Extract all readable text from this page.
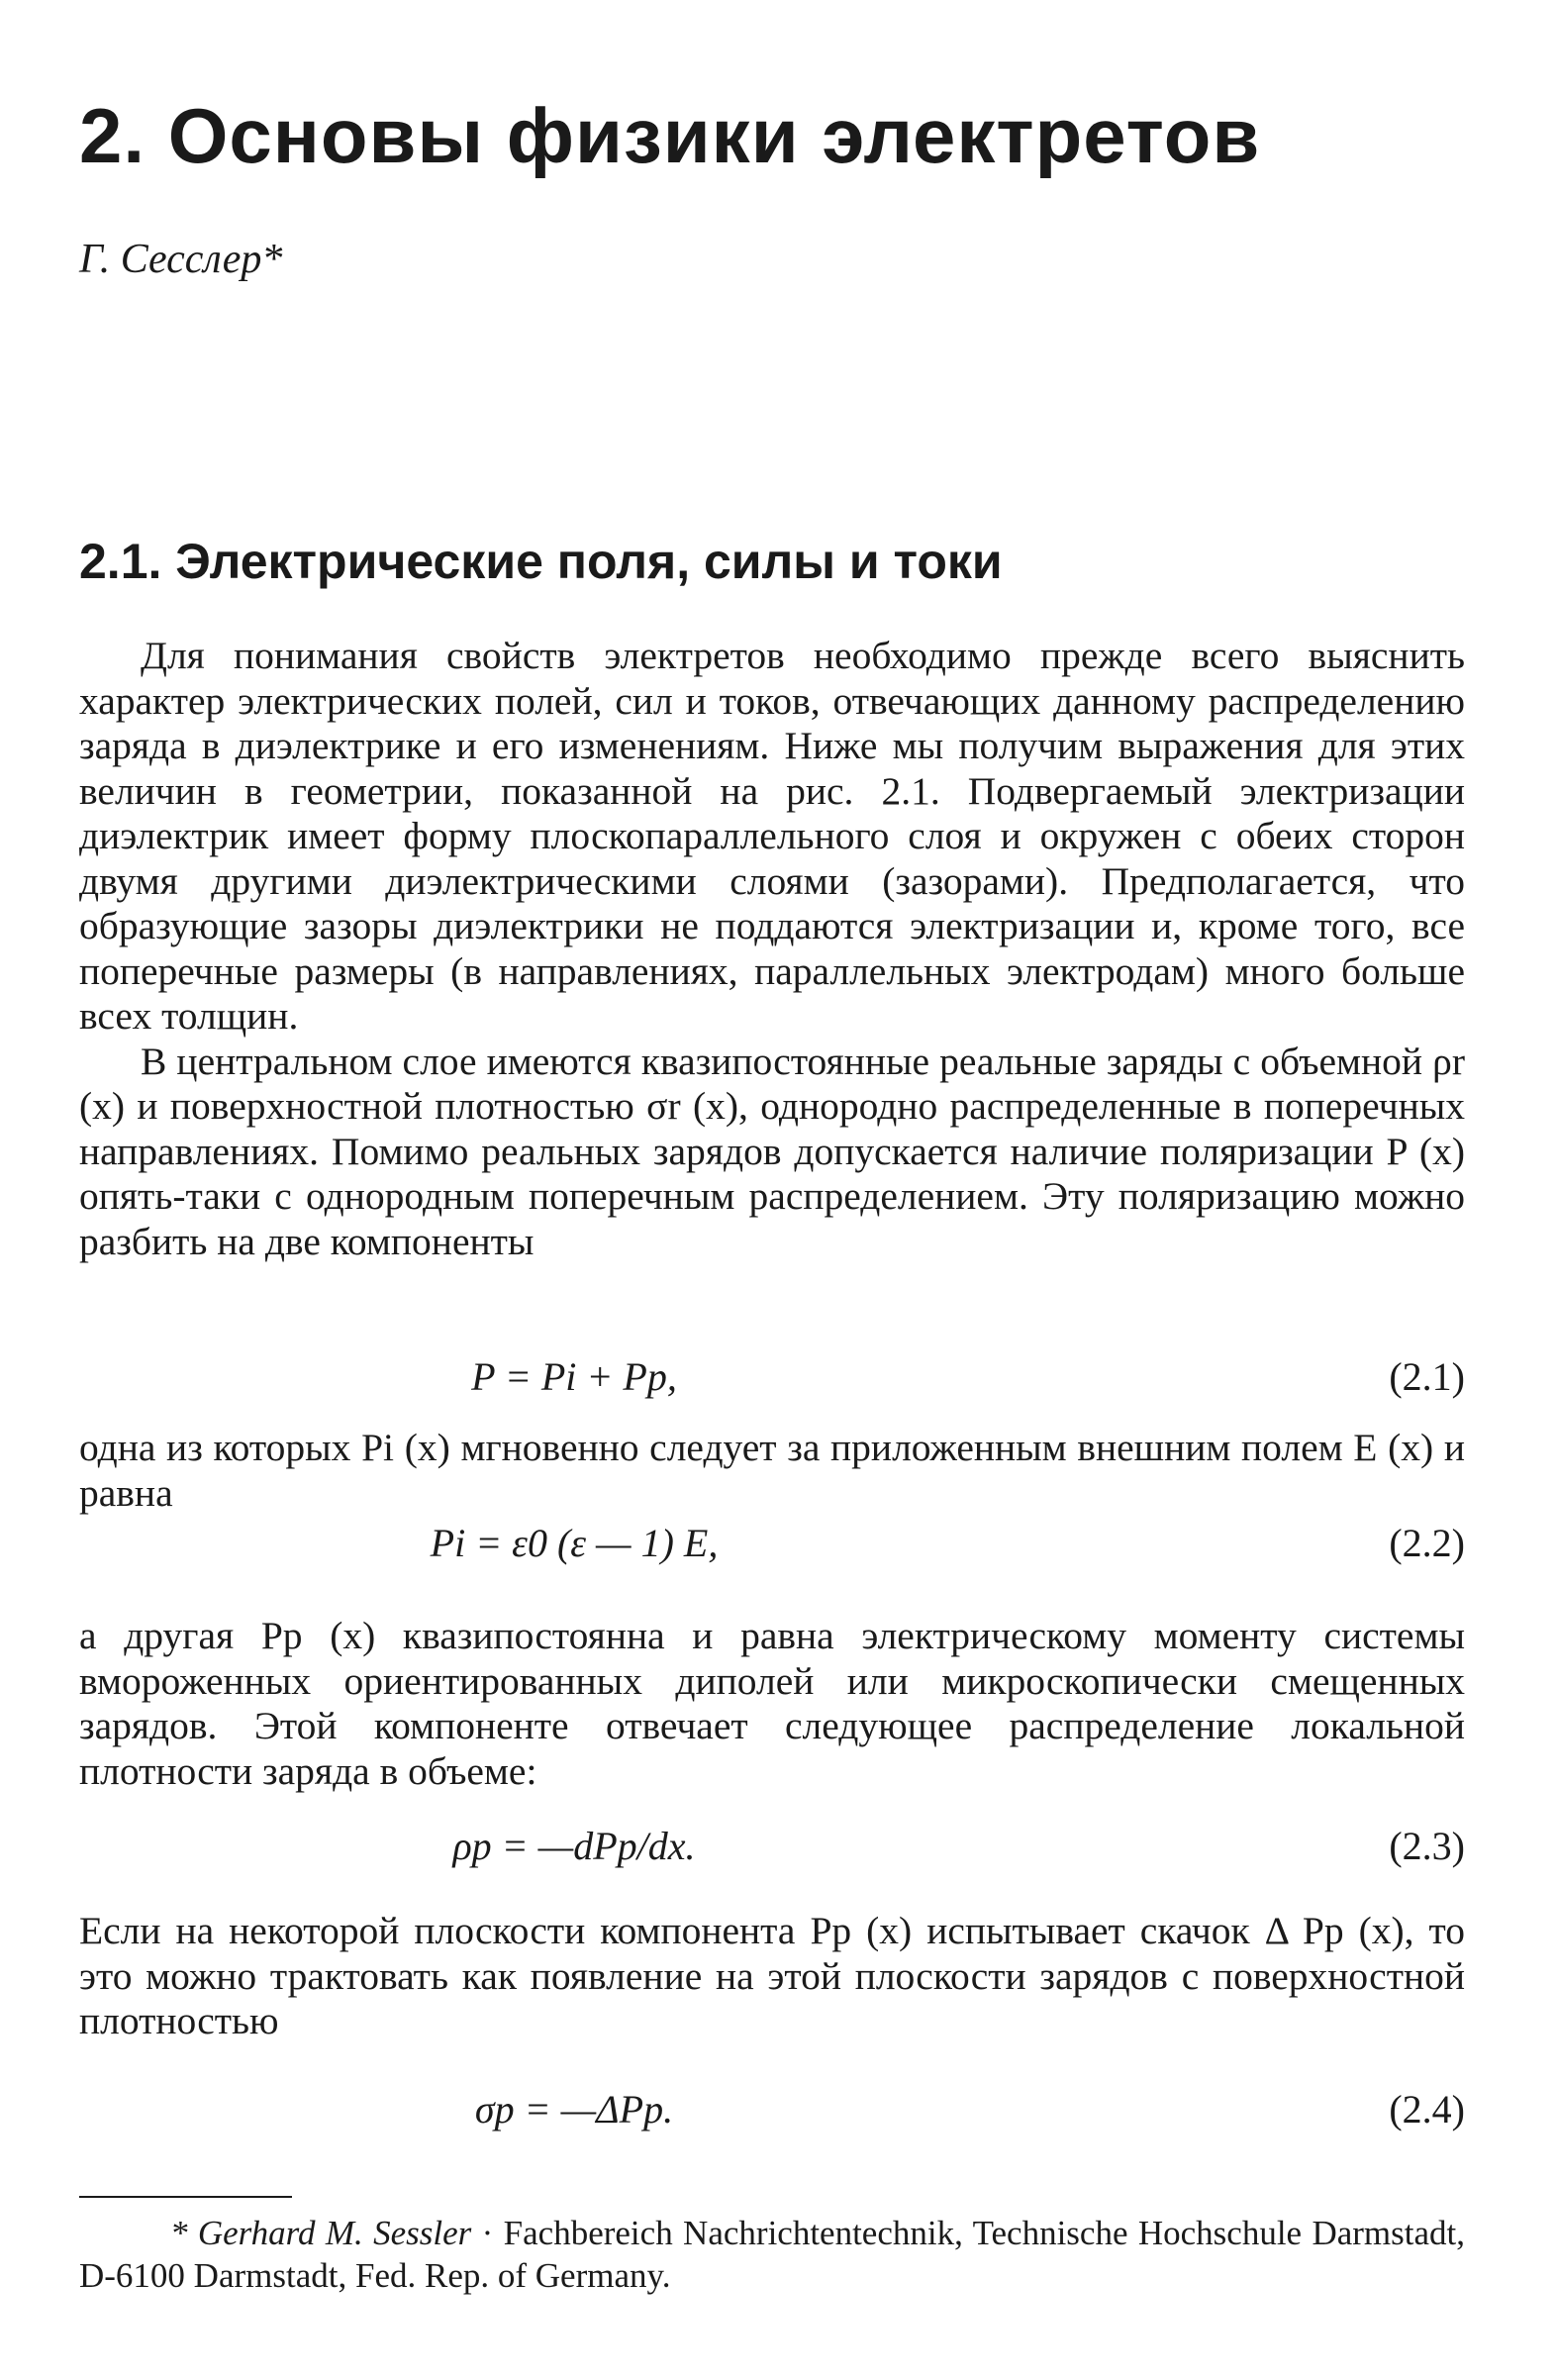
2. Основы физики электретов
Г. Сесслер*
2.1. Электрические поля, силы и токи

Для понимания свойств электретов необходимо прежде всего выяснить характер электрических полей, сил и токов, отвечающих данному распределению заряда в диэлектрике и его изменениям. Ниже мы получим выражения для этих величин в геометрии, показанной на рис. 2.1. Подвергаемый электризации диэлектрик имеет форму плоскопараллельного слоя и окружен с обеих сторон двумя другими диэлектрическими слоями (зазорами). Предполагается, что образующие зазоры диэлектрики не поддаются электризации и, кроме того, все поперечные размеры (в направлениях, параллельных электродам) много больше всех толщин.

В центральном слое имеются квазипостоянные реальные заряды с объемной ρr (x) и поверхностной плотностью σr (x), однородно распределенные в поперечных направлениях. Помимо реальных зарядов допускается наличие поляризации P (x) опять-таки с однородным поперечным распределением. Эту поляризацию можно разбить на две компоненты

P = Pi + Pp,	(2.1)

одна из которых Pi (x) мгновенно следует за приложенным внешним полем E (x) и равна

Pi = ε0 (ε — 1) E,	(2.2)

а другая Pp (x) квазипостоянна и равна электрическому моменту системы вмороженных ориентированных диполей или микроскопически смещенных зарядов. Этой компоненте отвечает следующее распределение локальной плотности заряда в объеме:

ρp = —dPp/dx.	(2.3)

Если на некоторой плоскости компонента Pp (x) испытывает скачок Δ Pp (x), то это можно трактовать как появление на этой плоскости зарядов с поверхностной плотностью

σp = —ΔPp.	(2.4)
* Gerhard M. Sessler · Fachbereich Nachrichtentechnik, Technische Hochschule Darmstadt, D-6100 Darmstadt, Fed. Rep. of Germany.
